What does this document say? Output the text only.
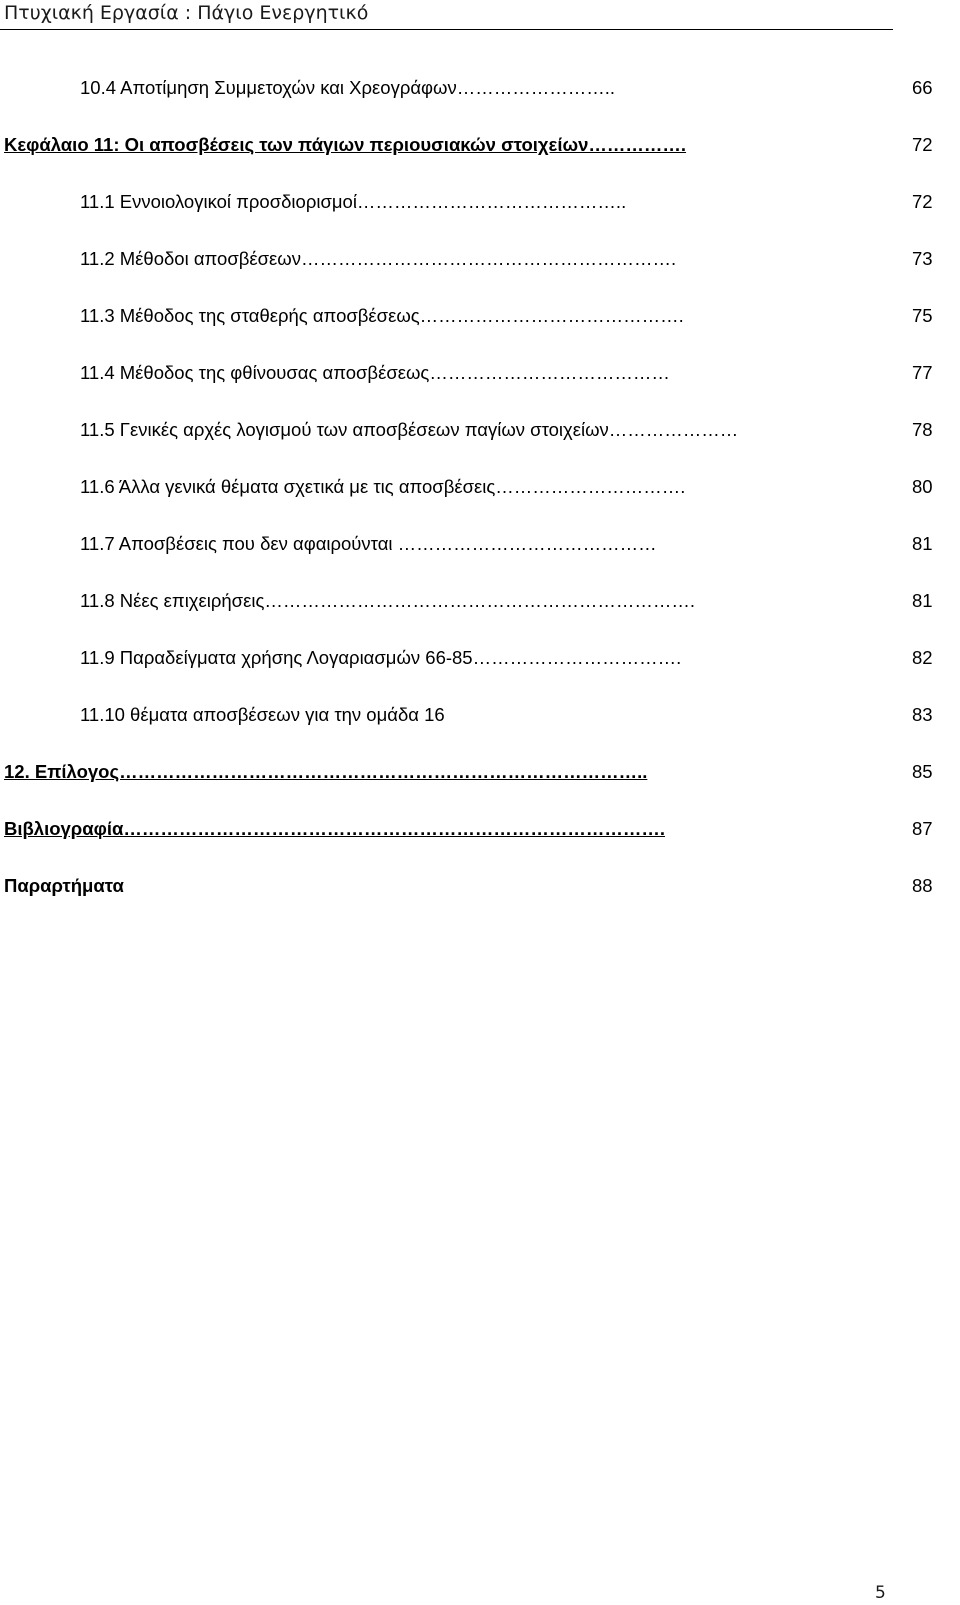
Πτυχιακή Εργασία : Πάγιο Ενεργητικό
10.4 Αποτίμηση Συμμετοχών και Χρεογράφων……………………..	66
Κεφάλαιο 11: Οι αποσβέσεις των πάγιων περιουσιακών στοιχείων…………….	72
11.1 Εννοιολογικοί προσδιορισμοί……………………………………..	72
11.2 Μέθοδοι αποσβέσεων…………………………………………………….	73
11.3 Μέθοδος της σταθερής αποσβέσεως…………………………………….	75
11.4 Μέθοδος της φθίνουσας αποσβέσεως…………………………………	77
11.5 Γενικές αρχές λογισμού των αποσβέσεων παγίων στοιχείων…………………	78
11.6 Άλλα γενικά θέματα σχετικά με τις αποσβέσεις………………………….	80
11.7 Αποσβέσεις που δεν αφαιρούνται ……………………………………	81
11.8 Νέες επιχειρήσεις…………………………………………………………….	81
11.9 Παραδείγματα χρήσης Λογαριασμών 66-85…………………………….	82
11.10 θέματα αποσβέσεων για την ομάδα 16	83
12. Επίλογος…………………………………………………………………………..	85
Βιβλιογραφία…………………………………………………………………………….	87
Παραρτήματα	88
5
